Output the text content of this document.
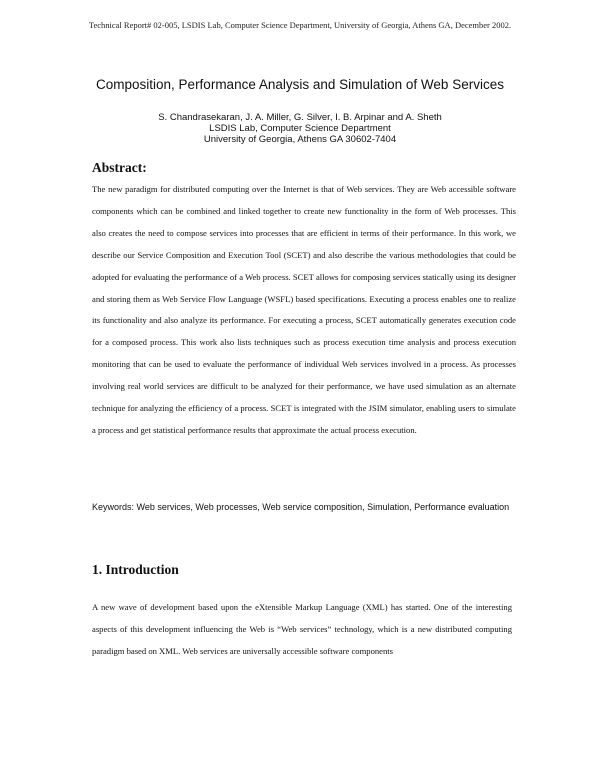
Technical Report# 02-005, LSDIS Lab, Computer Science Department, University of Georgia, Athens GA, December 2002.
Composition, Performance Analysis and Simulation of Web Services
S. Chandrasekaran, J. A. Miller, G. Silver, I. B. Arpinar and A. Sheth
LSDIS Lab, Computer Science Department
University of Georgia, Athens GA 30602-7404
Abstract:
The new paradigm for distributed computing over the Internet is that of Web services. They are Web accessible software components which can be combined and linked together to create new functionality in the form of Web processes. This also creates the need to compose services into processes that are efficient in terms of their performance. In this work, we describe our Service Composition and Execution Tool (SCET) and also describe the various methodologies that could be adopted for evaluating the performance of a Web process. SCET allows for composing services statically using its designer and storing them as Web Service Flow Language (WSFL) based specifications. Executing a process enables one to realize its functionality and also analyze its performance. For executing a process, SCET automatically generates execution code for a composed process. This work also lists techniques such as process execution time analysis and process execution monitoring that can be used to evaluate the performance of individual Web services involved in a process. As processes involving real world services are difficult to be analyzed for their performance, we have used simulation as an alternate technique for analyzing the efficiency of a process. SCET is integrated with the JSIM simulator, enabling users to simulate a process and get statistical performance results that approximate the actual process execution.
Keywords: Web services, Web processes, Web service composition, Simulation, Performance evaluation
1. Introduction
A new wave of development based upon the eXtensible Markup Language (XML) has started. One of the interesting aspects of this development influencing the Web is “Web services” technology, which is a new distributed computing paradigm based on XML. Web services are universally accessible software components
